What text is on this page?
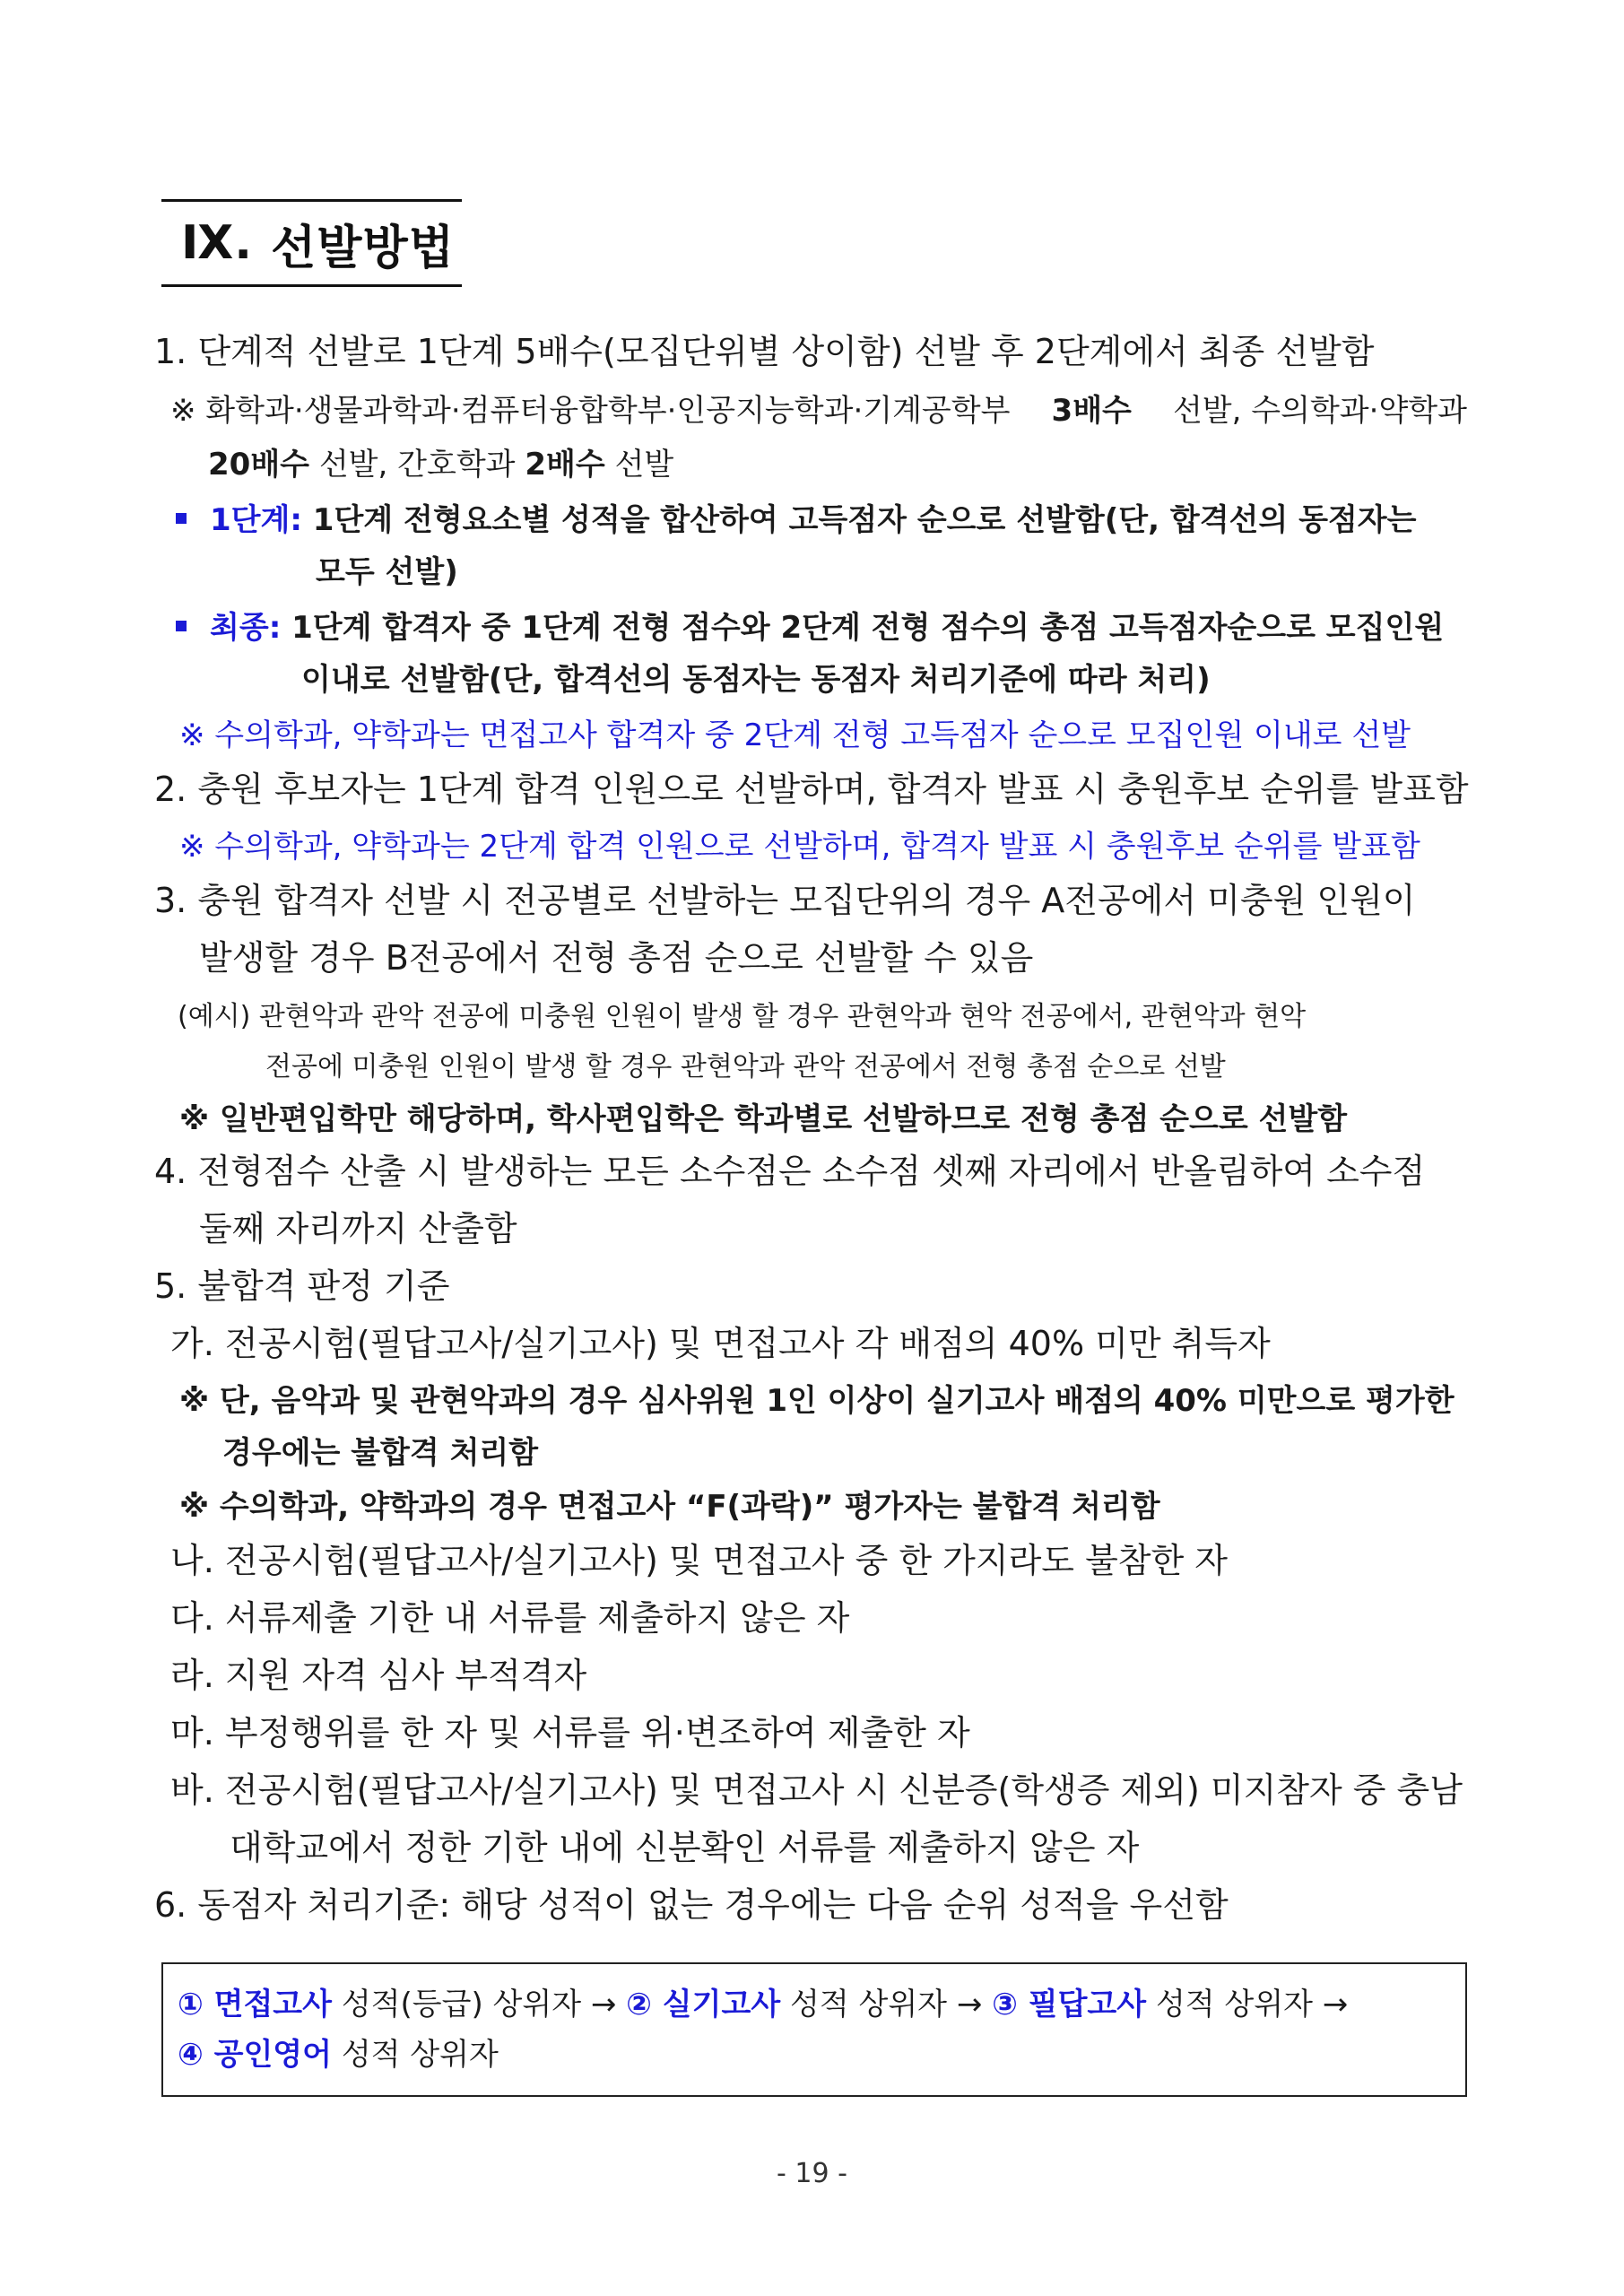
Ⅸ. 선발방법
1. 단계적 선발로 1단계 5배수(모집단위별 상이함) 선발 후 2단계에서 최종 선발함
※ 화학과·생물과학과·컴퓨터융합학부·인공지능학과·기계공학부 3배수 선발, 수의학과·약학과
20배수 선발, 간호학과 2배수 선발
1단계: 1단계 전형요소별 성적을 합산하여 고득점자 순으로 선발함(단, 합격선의 동점자는
모두 선발)
최종: 1단계 합격자 중 1단계 전형 점수와 2단계 전형 점수의 총점 고득점자순으로 모집인원
이내로 선발함(단, 합격선의 동점자는 동점자 처리기준에 따라 처리)
※ 수의학과, 약학과는 면접고사 합격자 중 2단계 전형 고득점자 순으로 모집인원 이내로 선발
2. 충원 후보자는 1단계 합격 인원으로 선발하며, 합격자 발표 시 충원후보 순위를 발표함
※ 수의학과, 약학과는 2단계 합격 인원으로 선발하며, 합격자 발표 시 충원후보 순위를 발표함
3. 충원 합격자 선발 시 전공별로 선발하는 모집단위의 경우 A전공에서 미충원 인원이
발생할 경우 B전공에서 전형 총점 순으로 선발할 수 있음
(예시) 관현악과 관악 전공에 미충원 인원이 발생 할 경우 관현악과 현악 전공에서, 관현악과 현악
전공에 미충원 인원이 발생 할 경우 관현악과 관악 전공에서 전형 총점 순으로 선발
※ 일반편입학만 해당하며, 학사편입학은 학과별로 선발하므로 전형 총점 순으로 선발함
4. 전형점수 산출 시 발생하는 모든 소수점은 소수점 셋째 자리에서 반올림하여 소수점
둘째 자리까지 산출함
5. 불합격 판정 기준
가. 전공시험(필답고사/실기고사) 및 면접고사 각 배점의 40% 미만 취득자
※ 단, 음악과 및 관현악과의 경우 심사위원 1인 이상이 실기고사 배점의 40% 미만으로 평가한
경우에는 불합격 처리함
※ 수의학과, 약학과의 경우 면접고사 “F(과락)” 평가자는 불합격 처리함
나. 전공시험(필답고사/실기고사) 및 면접고사 중 한 가지라도 불참한 자
다. 서류제출 기한 내 서류를 제출하지 않은 자
라. 지원 자격 심사 부적격자
마. 부정행위를 한 자 및 서류를 위·변조하여 제출한 자
바. 전공시험(필답고사/실기고사) 및 면접고사 시 신분증(학생증 제외) 미지참자 중 충남
대학교에서 정한 기한 내에 신분확인 서류를 제출하지 않은 자
6. 동점자 처리기준: 해당 성적이 없는 경우에는 다음 순위 성적을 우선함
① 면접고사 성적(등급) 상위자 → ② 실기고사 성적 상위자 → ③ 필답고사 성적 상위자 →
④ 공인영어 성적 상위자
- 19 -
